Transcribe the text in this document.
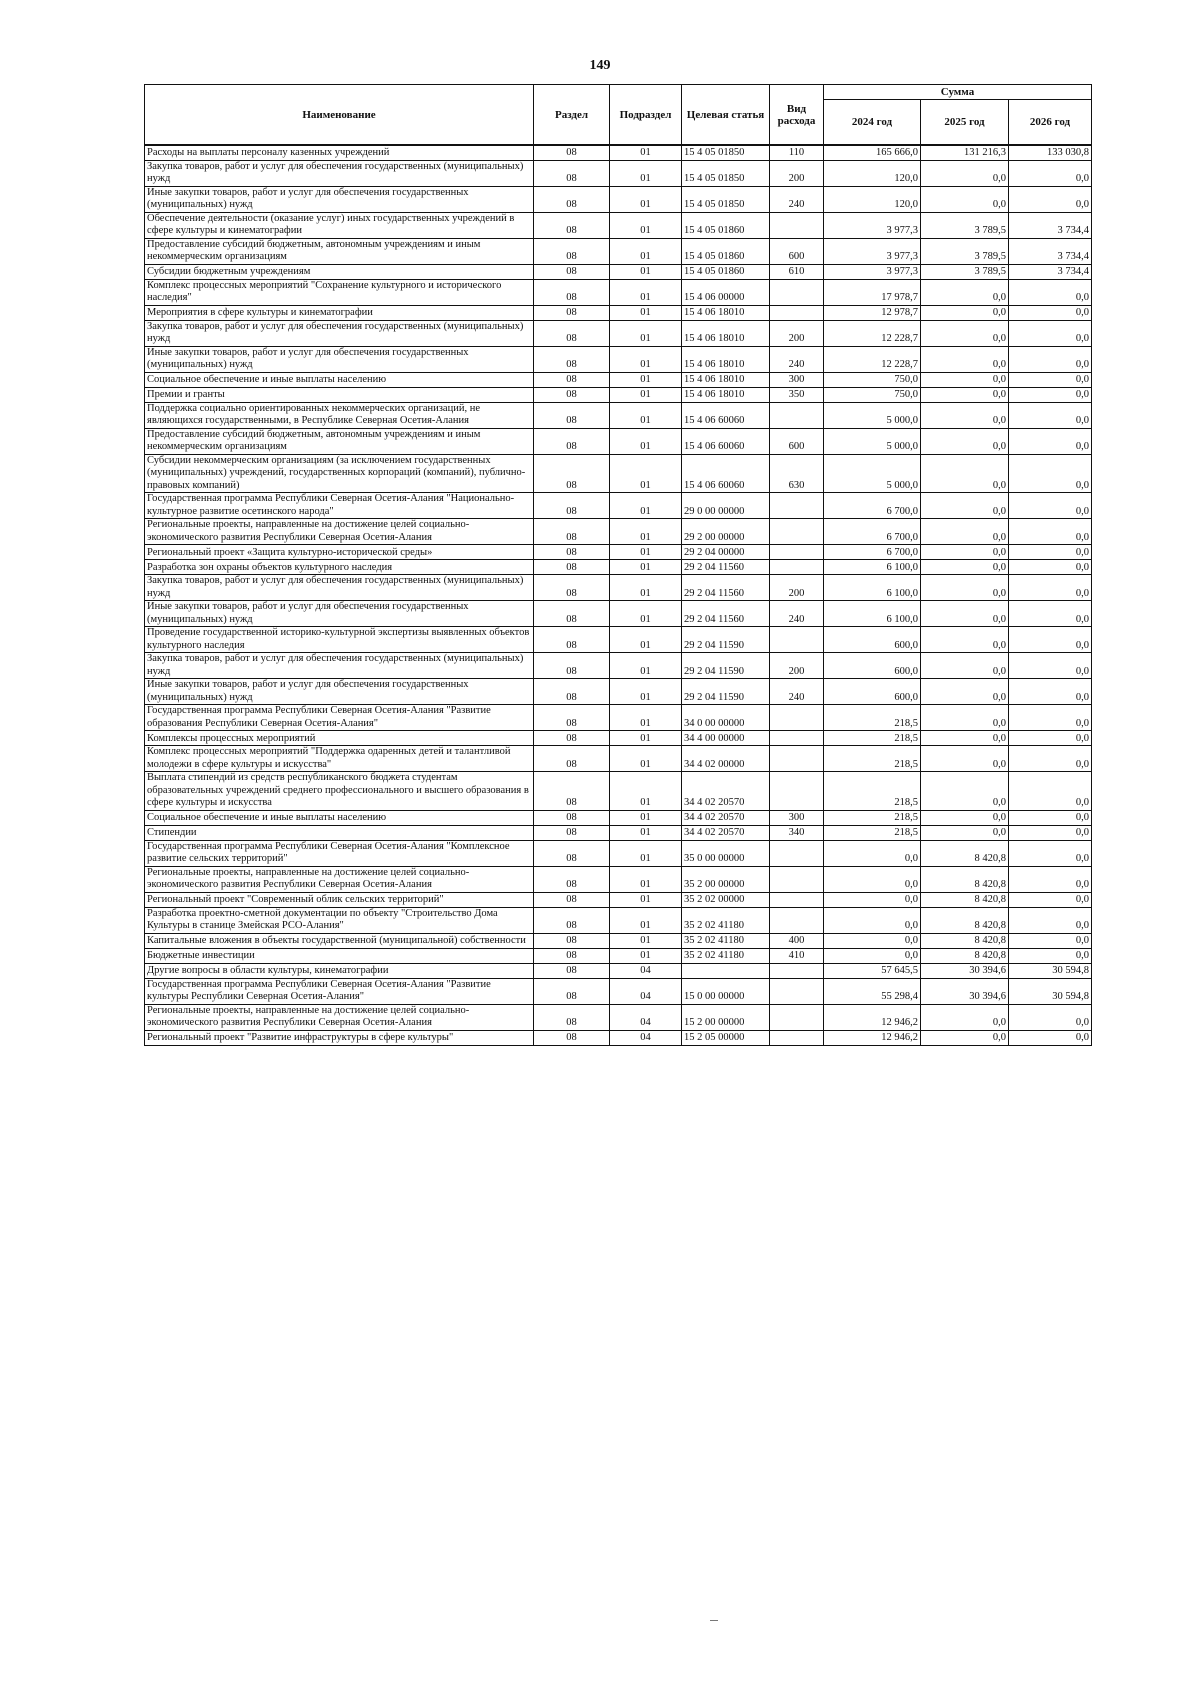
149
Наименование	Раздел	Подраздел	Целевая статья	Вид расхода	Сумма		
					2024 год	2025 год	2026 год
Расходы на выплаты персоналу казенных учреждений	08	01	15 4 05 01850	110	165 666,0	131 216,3	133 030,8
Закупка товаров, работ и услуг для обеспечения государственных (муниципальных) нужд	08	01	15 4 05 01850	200	120,0	0,0	0,0
Иные закупки товаров, работ и услуг для обеспечения государственных (муниципальных) нужд	08	01	15 4 05 01850	240	120,0	0,0	0,0
Обеспечение деятельности (оказание услуг) иных государственных учреждений в сфере культуры и кинематографии	08	01	15 4 05 01860		3 977,3	3 789,5	3 734,4
Предоставление субсидий бюджетным, автономным учреждениям и иным некоммерческим организациям	08	01	15 4 05 01860	600	3 977,3	3 789,5	3 734,4
Субсидии бюджетным учреждениям	08	01	15 4 05 01860	610	3 977,3	3 789,5	3 734,4
Комплекс процессных мероприятий "Сохранение культурного и исторического наследия"	08	01	15 4 06 00000		17 978,7	0,0	0,0
Мероприятия в сфере культуры и кинематографии	08	01	15 4 06 18010		12 978,7	0,0	0,0
Закупка товаров, работ и услуг для обеспечения государственных (муниципальных) нужд	08	01	15 4 06 18010	200	12 228,7	0,0	0,0
Иные закупки товаров, работ и услуг для обеспечения государственных (муниципальных) нужд	08	01	15 4 06 18010	240	12 228,7	0,0	0,0
Социальное обеспечение и иные выплаты населению	08	01	15 4 06 18010	300	750,0	0,0	0,0
Премии и гранты	08	01	15 4 06 18010	350	750,0	0,0	0,0
Поддержка социально ориентированных некоммерческих организаций, не являющихся государственными, в Республике Северная Осетия-Алания	08	01	15 4 06 60060		5 000,0	0,0	0,0
Предоставление субсидий бюджетным, автономным учреждениям и иным некоммерческим организациям	08	01	15 4 06 60060	600	5 000,0	0,0	0,0
Субсидии некоммерческим организациям (за исключением государственных (муниципальных) учреждений, государственных корпораций (компаний), публично-правовых компаний)	08	01	15 4 06 60060	630	5 000,0	0,0	0,0
Государственная программа Республики Северная Осетия-Алания "Национально-культурное развитие осетинского народа"	08	01	29 0 00 00000		6 700,0	0,0	0,0
Региональные проекты, направленные на достижение целей социально-экономического развития Республики Северная Осетия-Алания	08	01	29 2 00 00000		6 700,0	0,0	0,0
Региональный проект «Защита культурно-исторической среды»	08	01	29 2 04 00000		6 700,0	0,0	0,0
Разработка зон охраны объектов культурного наследия	08	01	29 2 04 11560		6 100,0	0,0	0,0
Закупка товаров, работ и услуг для обеспечения государственных (муниципальных) нужд	08	01	29 2 04 11560	200	6 100,0	0,0	0,0
Иные закупки товаров, работ и услуг для обеспечения государственных (муниципальных) нужд	08	01	29 2 04 11560	240	6 100,0	0,0	0,0
Проведение государственной историко-культурной экспертизы выявленных объектов культурного наследия	08	01	29 2 04 11590		600,0	0,0	0,0
Закупка товаров, работ и услуг для обеспечения государственных (муниципальных) нужд	08	01	29 2 04 11590	200	600,0	0,0	0,0
Иные закупки товаров, работ и услуг для обеспечения государственных (муниципальных) нужд	08	01	29 2 04 11590	240	600,0	0,0	0,0
Государственная программа Республики Северная Осетия-Алания "Развитие образования Республики Северная Осетия-Алания"	08	01	34 0 00 00000		218,5	0,0	0,0
Комплексы процессных мероприятий	08	01	34 4 00 00000		218,5	0,0	0,0
Комплекс процессных мероприятий "Поддержка одаренных детей и талантливой молодежи в сфере культуры и искусства"	08	01	34 4 02 00000		218,5	0,0	0,0
Выплата стипендий из средств республиканского бюджета студентам образовательных учреждений среднего профессионального и высшего образования в сфере культуры и искусства	08	01	34 4 02 20570		218,5	0,0	0,0
Социальное обеспечение и иные выплаты населению	08	01	34 4 02 20570	300	218,5	0,0	0,0
Стипендии	08	01	34 4 02 20570	340	218,5	0,0	0,0
Государственная программа Республики Северная Осетия-Алания "Комплексное развитие сельских территорий"	08	01	35 0 00 00000		0,0	8 420,8	0,0
Региональные проекты, направленные на достижение целей социально-экономического развития Республики Северная Осетия-Алания	08	01	35 2 00 00000		0,0	8 420,8	0,0
Региональный проект "Современный облик сельских территорий"	08	01	35 2 02 00000		0,0	8 420,8	0,0
Разработка проектно-сметной документации по объекту "Строительство Дома Культуры в станице Змейская РСО-Алания"	08	01	35 2 02 41180		0,0	8 420,8	0,0
Капитальные вложения в объекты государственной (муниципальной) собственности	08	01	35 2 02 41180	400	0,0	8 420,8	0,0
Бюджетные инвестиции	08	01	35 2 02 41180	410	0,0	8 420,8	0,0
Другие вопросы в области культуры, кинематографии	08	04			57 645,5	30 394,6	30 594,8
Государственная программа Республики Северная Осетия-Алания "Развитие культуры Республики Северная Осетия-Алания"	08	04	15 0 00 00000		55 298,4	30 394,6	30 594,8
Региональные проекты, направленные на достижение целей социально-экономического развития Республики Северная Осетия-Алания	08	04	15 2 00 00000		12 946,2	0,0	0,0
Региональный проект "Развитие инфраструктуры в сфере культуры"	08	04	15 2 05 00000		12 946,2	0,0	0,0
